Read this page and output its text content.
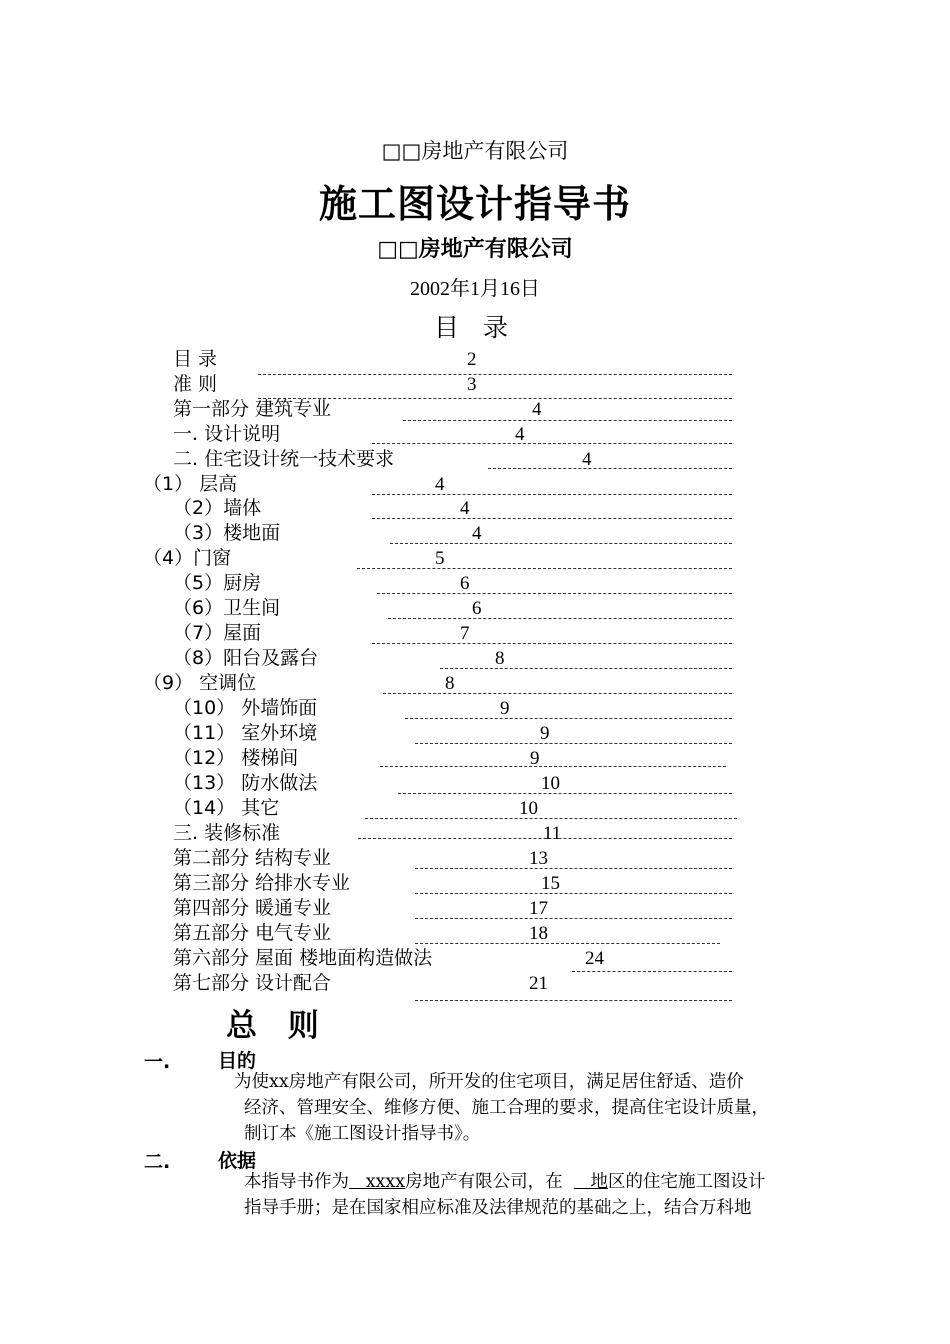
□□房地产有限公司
施工图设计指导书
□□房地产有限公司
2002年1月16日
目 录
目 录	2
准 则	3
第一部分 建筑专业	4
一. 设计说明	4
二. 住宅设计统一技术要求	4
（1） 层高	4
（2）墙体	4
（3）楼地面	4
（4）门窗	5
（5）厨房	6
（6）卫生间	6
（7）屋面	7
（8）阳台及露台	8
（9） 空调位	8
（10） 外墙饰面	9
（11） 室外环境	9
（12） 楼梯间	9
（13） 防水做法	10
（14） 其它	10
三. 装修标准	11
第二部分 结构专业	13
第三部分 给排水专业	15
第四部分 暖通专业	17
第五部分 电气专业	18
第六部分 屋面 楼地面构造做法	24
第七部分 设计配合	21
总 则
一.	目的
为使xx房地产有限公司，所开发的住宅项目，满足居住舒适、造价
经济、管理安全、维修方便、施工合理的要求，提高住宅设计质量，
制订本《施工图设计指导书》。
二.	依据
本指导书作为   xxxx房地产有限公司，在     地区的住宅施工图设计
指导手册；是在国家相应标准及法律规范的基础之上，结合万科地
